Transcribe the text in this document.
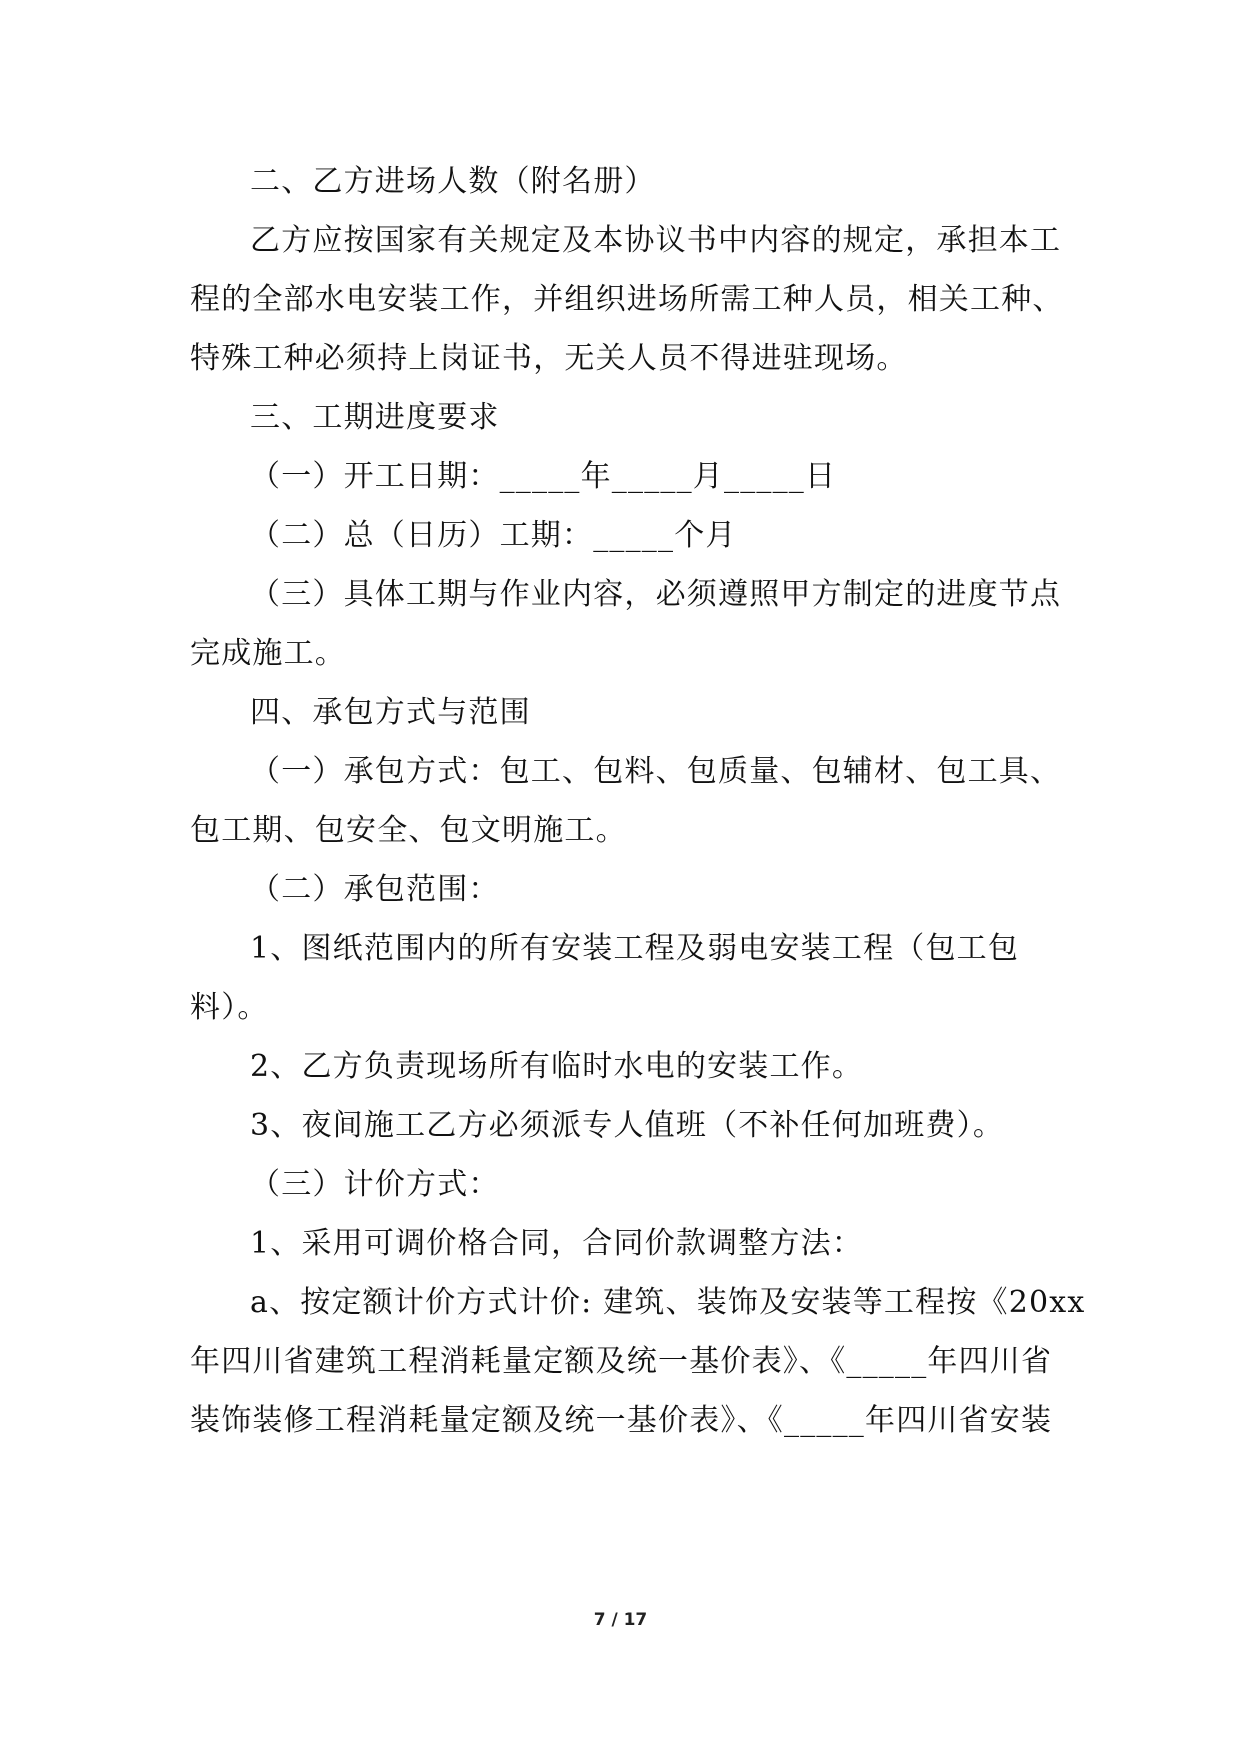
二、乙方进场人数（附名册）
乙方应按国家有关规定及本协议书中内容的规定，承担本工
程的全部水电安装工作，并组织进场所需工种人员，相关工种、
特殊工种必须持上岗证书，无关人员不得进驻现场。
三、工期进度要求
（一）开工日期：_____年_____月_____日
（二）总（日历）工期：_____个月
（三）具体工期与作业内容，必须遵照甲方制定的进度节点
完成施工。
四、承包方式与范围
（一）承包方式：包工、包料、包质量、包辅材、包工具、
包工期、包安全、包文明施工。
（二）承包范围：
1、图纸范围内的所有安装工程及弱电安装工程（包工包
料）。
2、乙方负责现场所有临时水电的安装工作。
3、夜间施工乙方必须派专人值班（不补任何加班费）。
（三）计价方式：
1、采用可调价格合同，合同价款调整方法：
a、按定额计价方式计价: 建筑、装饰及安装等工程按《20xx
年四川省建筑工程消耗量定额及统一基价表》、《_____年四川省
装饰装修工程消耗量定额及统一基价表》、《_____年四川省安装
7 / 17
